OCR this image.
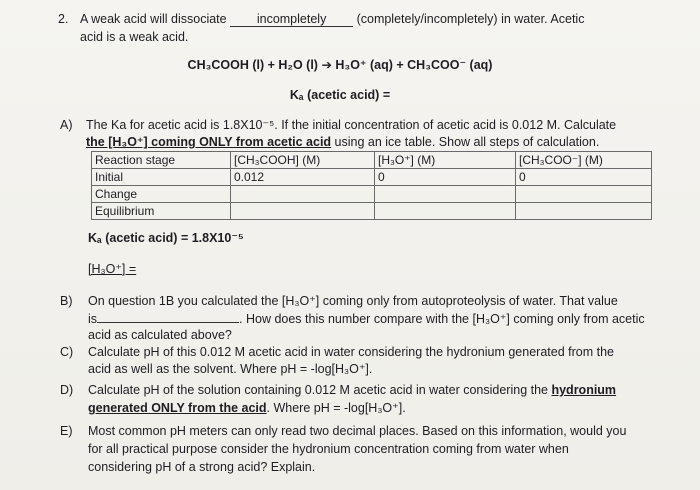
2. A weak acid will dissociate incompletely (completely/incompletely) in water. Acetic
acid is a weak acid.
CH₃COOH (l) + H₂O (l) ➔ H₃O⁺ (aq) + CH₃COO⁻ (aq)
Kₐ (acetic acid) =
A) The Ka for acetic acid is 1.8X10⁻⁵. If the initial concentration of acetic acid is 0.012 M. Calculate
the [H₃O⁺] coming ONLY from acetic acid using an ice table. Show all steps of calculation.
Reaction stage	[CH₃COOH] (M)	[H₃O⁺] (M)	[CH₃COO⁻] (M)
Initial	0.012	0	0
Change			
Equilibrium			
Kₐ (acetic acid) = 1.8X10⁻⁵
[H₃O⁺] =
B) On question 1B you calculated the [H₃O⁺] coming only from autoproteolysis of water. That value
is	. How does this number compare with the [H₃O⁺] coming only from acetic
acid as calculated above?
C) Calculate pH of this 0.012 M acetic acid in water considering the hydronium generated from the
acid as well as the solvent. Where pH = -log[H₃O⁺].
D) Calculate pH of the solution containing 0.012 M acetic acid in water considering the hydronium
generated ONLY from the acid. Where pH = -log[H₃O⁺].
E) Most common pH meters can only read two decimal places. Based on this information, would you
for all practical purpose consider the hydronium concentration coming from water when
considering pH of a strong acid? Explain.
